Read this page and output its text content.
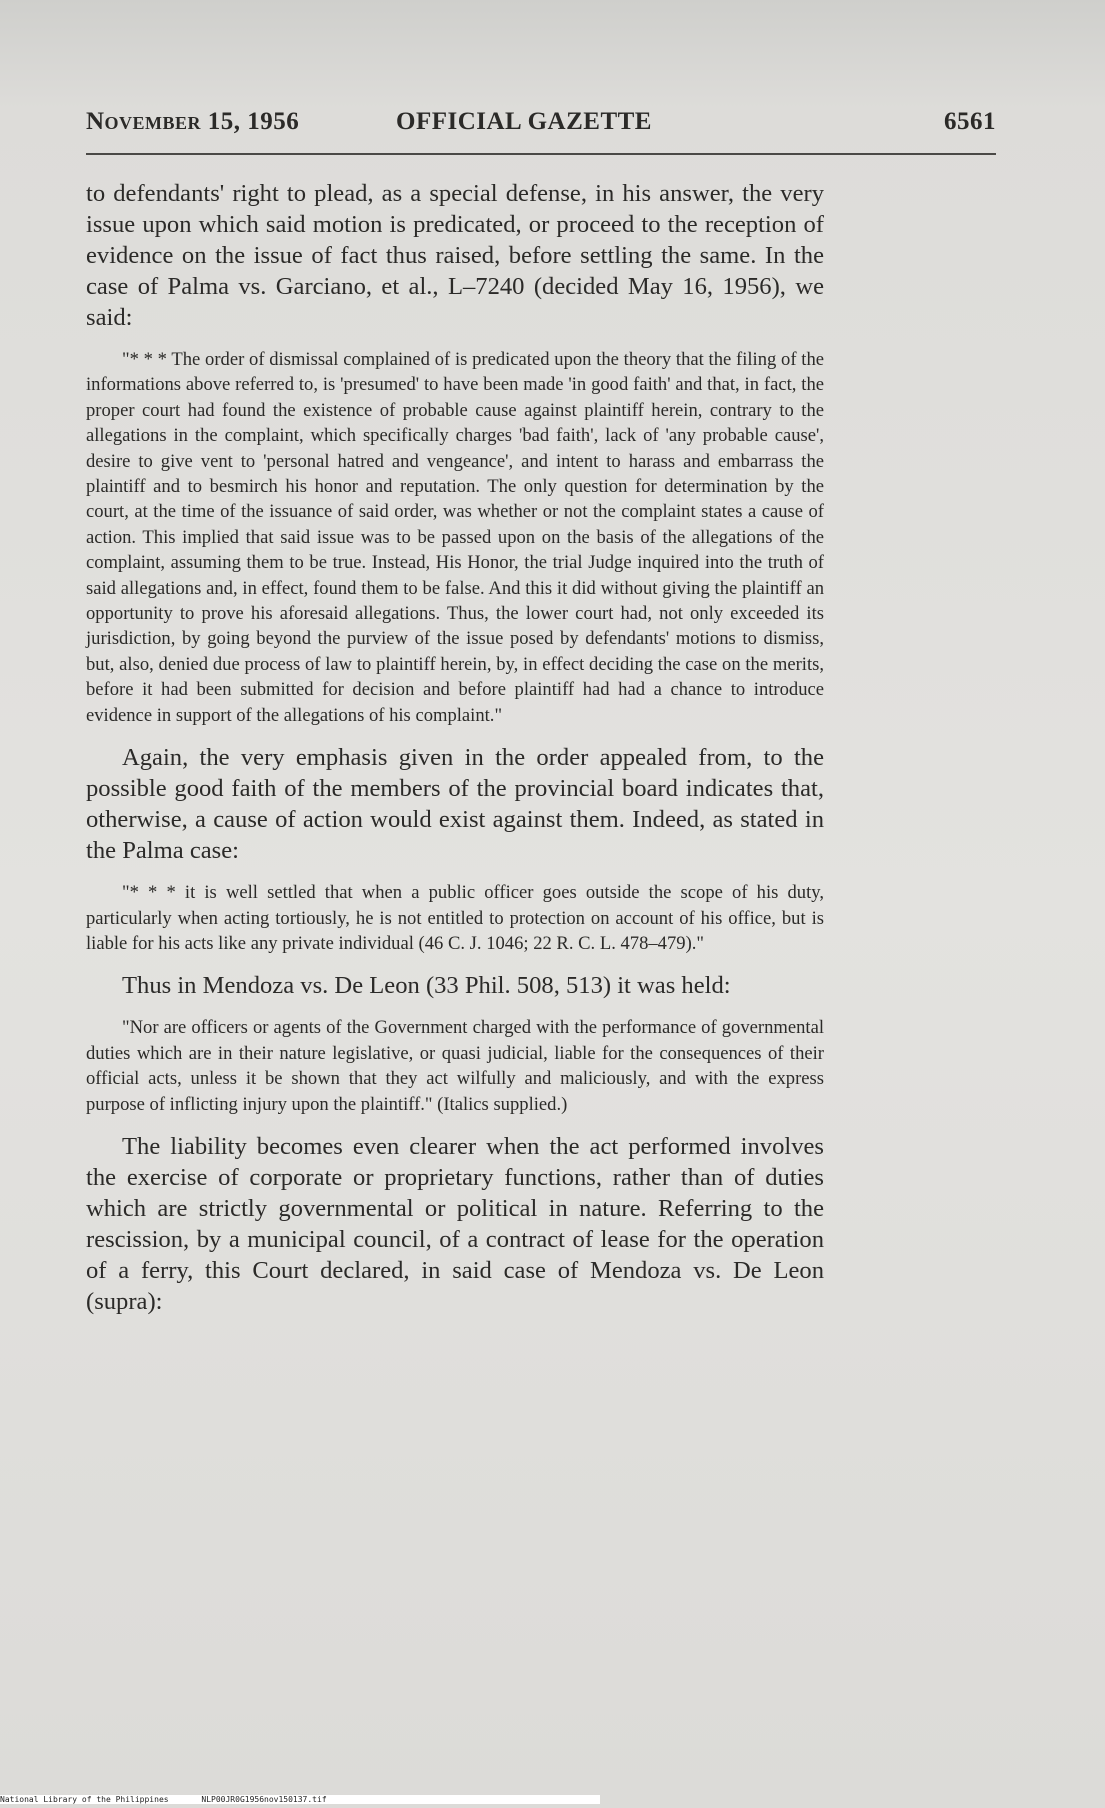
November 15, 1956	OFFICIAL GAZETTE	6561

to defendants' right to plead, as a special defense, in his answer, the very issue upon which said motion is predicated, or proceed to the reception of evidence on the issue of fact thus raised, before settling the same. In the case of Palma vs. Garciano, et al., L–7240 (decided May 16, 1956), we said:

"* * * The order of dismissal complained of is predicated upon the theory that the filing of the informations above referred to, is 'presumed' to have been made 'in good faith' and that, in fact, the proper court had found the existence of probable cause against plaintiff herein, contrary to the allegations in the complaint, which specifically charges 'bad faith', lack of 'any probable cause', desire to give vent to 'personal hatred and vengeance', and intent to harass and embarrass the plaintiff and to besmirch his honor and reputation. The only question for determination by the court, at the time of the issuance of said order, was whether or not the complaint states a cause of action. This implied that said issue was to be passed upon on the basis of the allegations of the complaint, assuming them to be true. Instead, His Honor, the trial Judge inquired into the truth of said allegations and, in effect, found them to be false. And this it did without giving the plaintiff an opportunity to prove his aforesaid allegations. Thus, the lower court had, not only exceeded its jurisdiction, by going beyond the purview of the issue posed by defendants' motions to dismiss, but, also, denied due process of law to plaintiff herein, by, in effect deciding the case on the merits, before it had been submitted for decision and before plaintiff had had a chance to introduce evidence in support of the allegations of his complaint."

Again, the very emphasis given in the order appealed from, to the possible good faith of the members of the provincial board indicates that, otherwise, a cause of action would exist against them. Indeed, as stated in the Palma case:

"* * * it is well settled that when a public officer goes outside the scope of his duty, particularly when acting tortiously, he is not entitled to protection on account of his office, but is liable for his acts like any private individual (46 C. J. 1046; 22 R. C. L. 478–479)."

Thus in Mendoza vs. De Leon (33 Phil. 508, 513) it was held:

"Nor are officers or agents of the Government charged with the performance of governmental duties which are in their nature legislative, or quasi judicial, liable for the consequences of their official acts, unless it be shown that they act wilfully and maliciously, and with the express purpose of inflicting injury upon the plaintiff." (Italics supplied.)

The liability becomes even clearer when the act performed involves the exercise of corporate or proprietary functions, rather than of duties which are strictly governmental or political in nature. Referring to the rescission, by a municipal council, of a contract of lease for the operation of a ferry, this Court declared, in said case of Mendoza vs. De Leon (supra):

National Library of the Philippines	NLP00JR0G1956nov150137.tif
